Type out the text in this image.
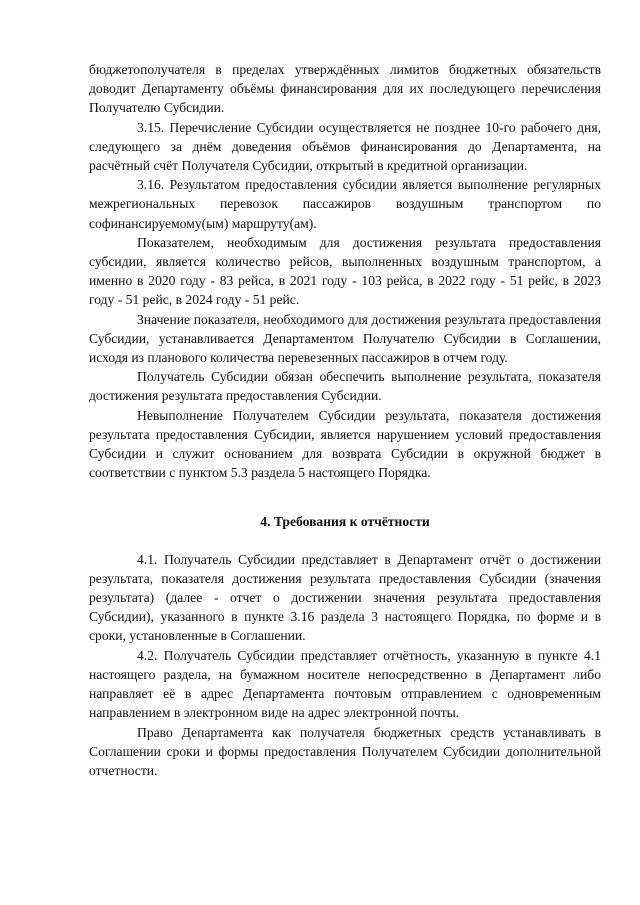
бюджетополучателя в пределах утверждённых лимитов бюджетных обязательств доводит Департаменту объёмы финансирования для их последующего перечисления Получателю Субсидии.

3.15. Перечисление Субсидии осуществляется не позднее 10-го рабочего дня, следующего за днём доведения объёмов финансирования до Департамента, на расчётный счёт Получателя Субсидии, открытый в кредитной организации.

3.16. Результатом предоставления субсидии является выполнение регулярных межрегиональных перевозок пассажиров воздушным транспортом по софинансируемому(ым) маршруту(ам).

Показателем, необходимым для достижения результата предоставления субсидии, является количество рейсов, выполненных воздушным транспортом, а именно в 2020 году - 83 рейса, в 2021 году - 103 рейса, в 2022 году - 51 рейс, в 2023 году - 51 рейс, в 2024 году - 51 рейс.

Значение показателя, необходимого для достижения результата предоставления Субсидии, устанавливается Департаментом Получателю Субсидии в Соглашении, исходя из планового количества перевезенных пассажиров в отчем году.

Получатель Субсидии обязан обеспечить выполнение результата, показателя достижения результата предоставления Субсидии.

Невыполнение Получателем Субсидии результата, показателя достижения результата предоставления Субсидии, является нарушением условий предоставления Субсидии и служит основанием для возврата Субсидии в окружной бюджет в соответствии с пунктом 5.3 раздела 5 настоящего Порядка.

4. Требования к отчётности

4.1. Получатель Субсидии представляет в Департамент отчёт о достижении результата, показателя достижения результата предоставления Субсидии (значения результата) (далее - отчет о достижении значения результата предоставления Субсидии), указанного в пункте 3.16 раздела 3 настоящего Порядка, по форме и в сроки, установленные в Соглашении.

4.2. Получатель Субсидии представляет отчётность, указанную в пункте 4.1 настоящего раздела, на бумажном носителе непосредственно в Департамент либо направляет её в адрес Департамента почтовым отправлением с одновременным направлением в электронном виде на адрес электронной почты.

Право Департамента как получателя бюджетных средств устанавливать в Соглашении сроки и формы предоставления Получателем Субсидии дополнительной отчетности.
